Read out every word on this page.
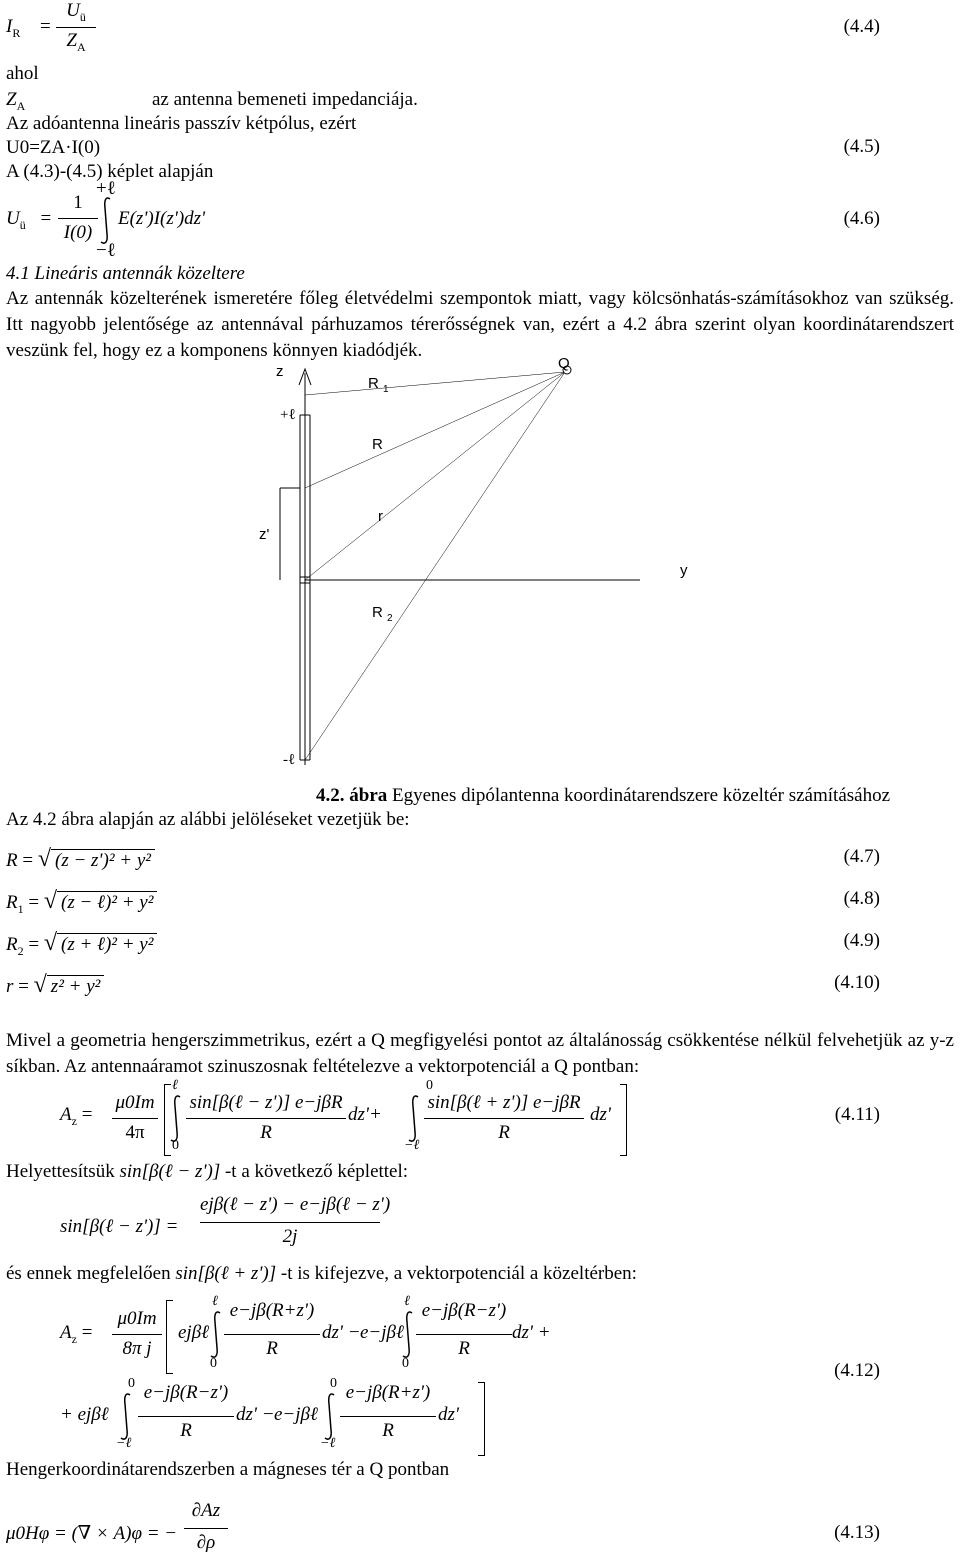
$I_R$ =
$U_ü$
$Z_A$
(4.4)
ahol
$Z_A$	az antenna bemeneti impedanciája.
Az adóantenna lineáris passzív kétpólus, ezért
U0=ZA·I(0)	(4.5)
A (4.3)-(4.5) képlet alapján
$U_ü$ =
1
I(0)
+ℓ
−ℓ
E(z')I(z')dz'	(4.6)
4.1 Lineáris antennák közeltere
Az antennák közelterének ismeretére főleg életvédelmi szempontok miatt, vagy kölcsönhatás-számításokhoz van szükség. Itt nagyobb jelentősége az antennával párhuzamos térerősségnek van, ezért a 4.2 ábra szerint olyan koordinátarendszert veszünk fel, hogy ez a komponens könnyen kiadódjék.
z
+ℓ
Q
R $_1$
R
r
z'
y
R $_2$
-ℓ
4.2. ábra Egyenes dipólantenna koordinátarendszere közeltér számításához
Az 4.2 ábra alapján az alábbi jelöléseket vezetjük be:
R = √ (z − z')² + y²	(4.7)
$R_1$ = √ (z − ℓ)² + y²	(4.8)
$R_2$ = √ (z + ℓ)² + y²	(4.9)
r = √ z² + y²	(4.10)
Mivel a geometria hengerszimmetrikus, ezért a Q megfigyelési pontot az általánosság csökkentése nélkül felvehetjük az y-z síkban. Az antennaáramot szinuszosnak feltételezve a vektorpotenciál a Q pontban:
$A_z$ =
μ0Im
4π
ℓ
0
sin[β(ℓ − z')] e−jβR
R
dz'+
0
−ℓ
sin[β(ℓ + z')] e−jβR
R
dz'	(4.11)
Helyettesítsük sin[β(ℓ − z')] -t a következő képlettel:
sin[β(ℓ − z')] =
ejβ(ℓ − z') − e−jβ(ℓ − z')
2j
és ennek megfelelően sin[β(ℓ + z')] -t is kifejezve, a vektorpotenciál a közeltérben:
$A_z$ =
μ0Im
8π j
ejβℓ
ℓ
0
e−jβ(R+z')
R
dz' − e−jβℓ
ℓ
0
e−jβ(R−z')
R
dz' +
+ ejβℓ
0
−ℓ
e−jβ(R−z')
R
dz' − e−jβℓ
0
−ℓ
e−jβ(R+z')
R
dz'
(4.12)
Hengerkoordinátarendszerben a mágneses tér a Q pontban
μ0Hφ = (∇ × A)φ = −
∂Az
∂ρ	(4.13)
